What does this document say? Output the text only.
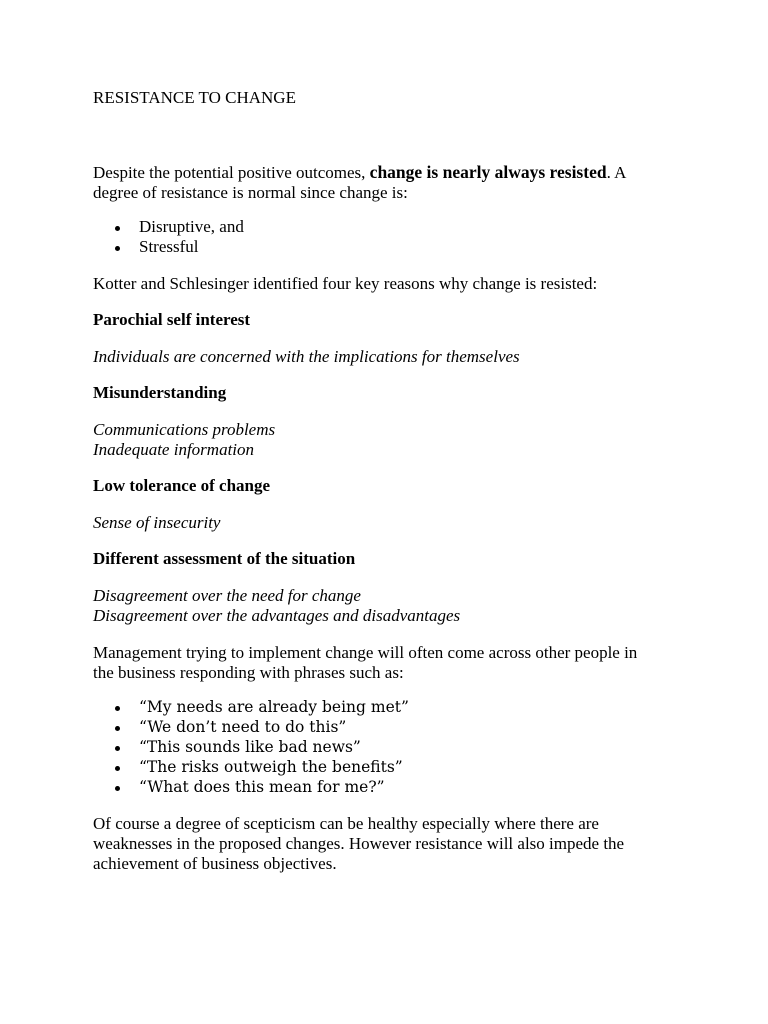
RESISTANCE TO CHANGE
Despite the potential positive outcomes, change is nearly always resisted. A
degree of resistance is normal since change is:
Disruptive, and
Stressful
Kotter and Schlesinger identified four key reasons why change is resisted:
Parochial self interest
Individuals are concerned with the implications for themselves
Misunderstanding
Communications problems
Inadequate information
Low tolerance of change
Sense of insecurity
Different assessment of the situation
Disagreement over the need for change
Disagreement over the advantages and disadvantages
Management trying to implement change will often come across other people in
the business responding with phrases such as:
“My needs are already being met”
“We don’t need to do this”
“This sounds like bad news”
“The risks outweigh the benefits”
“What does this mean for me?”
Of course a degree of scepticism can be healthy especially where there are
weaknesses in the proposed changes. However resistance will also impede the
achievement of business objectives.
